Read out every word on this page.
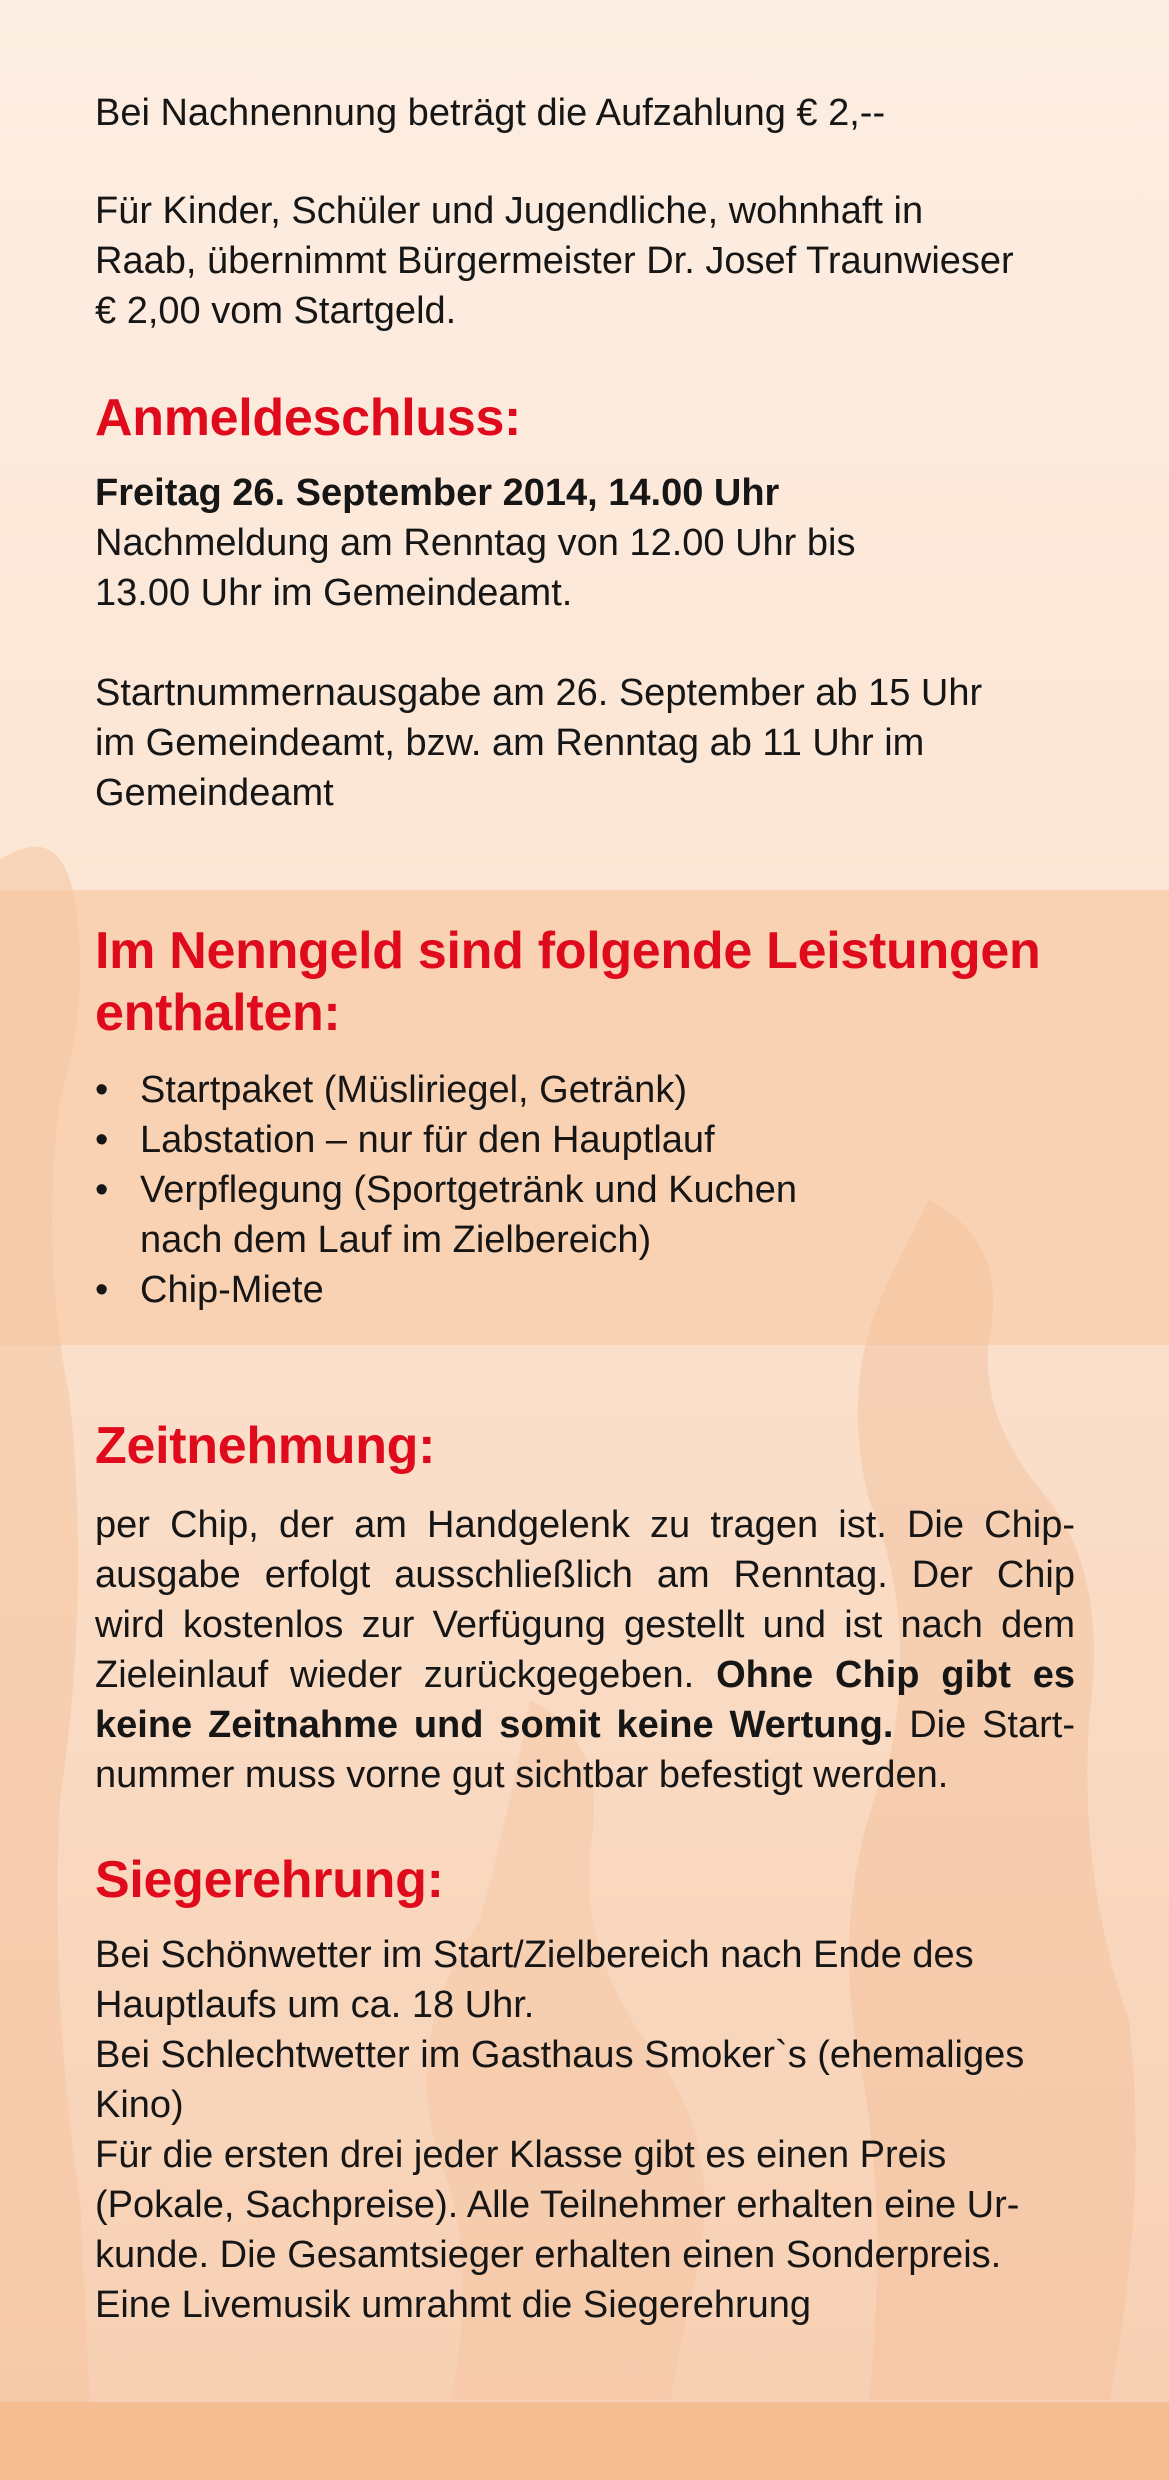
Bei Nachnennung beträgt die Aufzahlung € 2,--

Für Kinder, Schüler und Jugendliche, wohnhaft in
Raab, übernimmt Bürgermeister Dr. Josef Traunwieser
€ 2,00 vom Startgeld.

Anmeldeschluss:

Freitag 26. September 2014, 14.00 Uhr

Nachmeldung am Renntag von 12.00 Uhr bis
13.00 Uhr im Gemeindeamt.

Startnummernausgabe am 26. September ab 15 Uhr
im Gemeindeamt, bzw. am Renntag ab 11 Uhr im
Gemeindeamt

Im Nenngeld sind folgende Leistungen enthalten:
• Startpaket (Müsliriegel, Getränk)
• Labstation – nur für den Hauptlauf
• Verpflegung (Sportgetränk und Kuchen
nach dem Lauf im Zielbereich)
• Chip-Miete
Zeitnehmung:

per Chip, der am Handgelenk zu tragen ist. Die Chip-ausgabe erfolgt ausschließlich am Renntag. Der Chip wird kostenlos zur Verfügung gestellt und ist nach dem Zieleinlauf wieder zurückgegeben. Ohne Chip gibt es keine Zeitnahme und somit keine Wertung. Die Start-nummer muss vorne gut sichtbar befestigt werden.

Siegerehrung:

Bei Schönwetter im Start/Zielbereich nach Ende des
Hauptlaufs um ca. 18 Uhr.
Bei Schlechtwetter im Gasthaus Smoker`s (ehemaliges
Kino)
Für die ersten drei jeder Klasse gibt es einen Preis
(Pokale, Sachpreise). Alle Teilnehmer erhalten eine Ur-
kunde. Die Gesamtsieger erhalten einen Sonderpreis.
Eine Livemusik umrahmt die Siegerehrung
